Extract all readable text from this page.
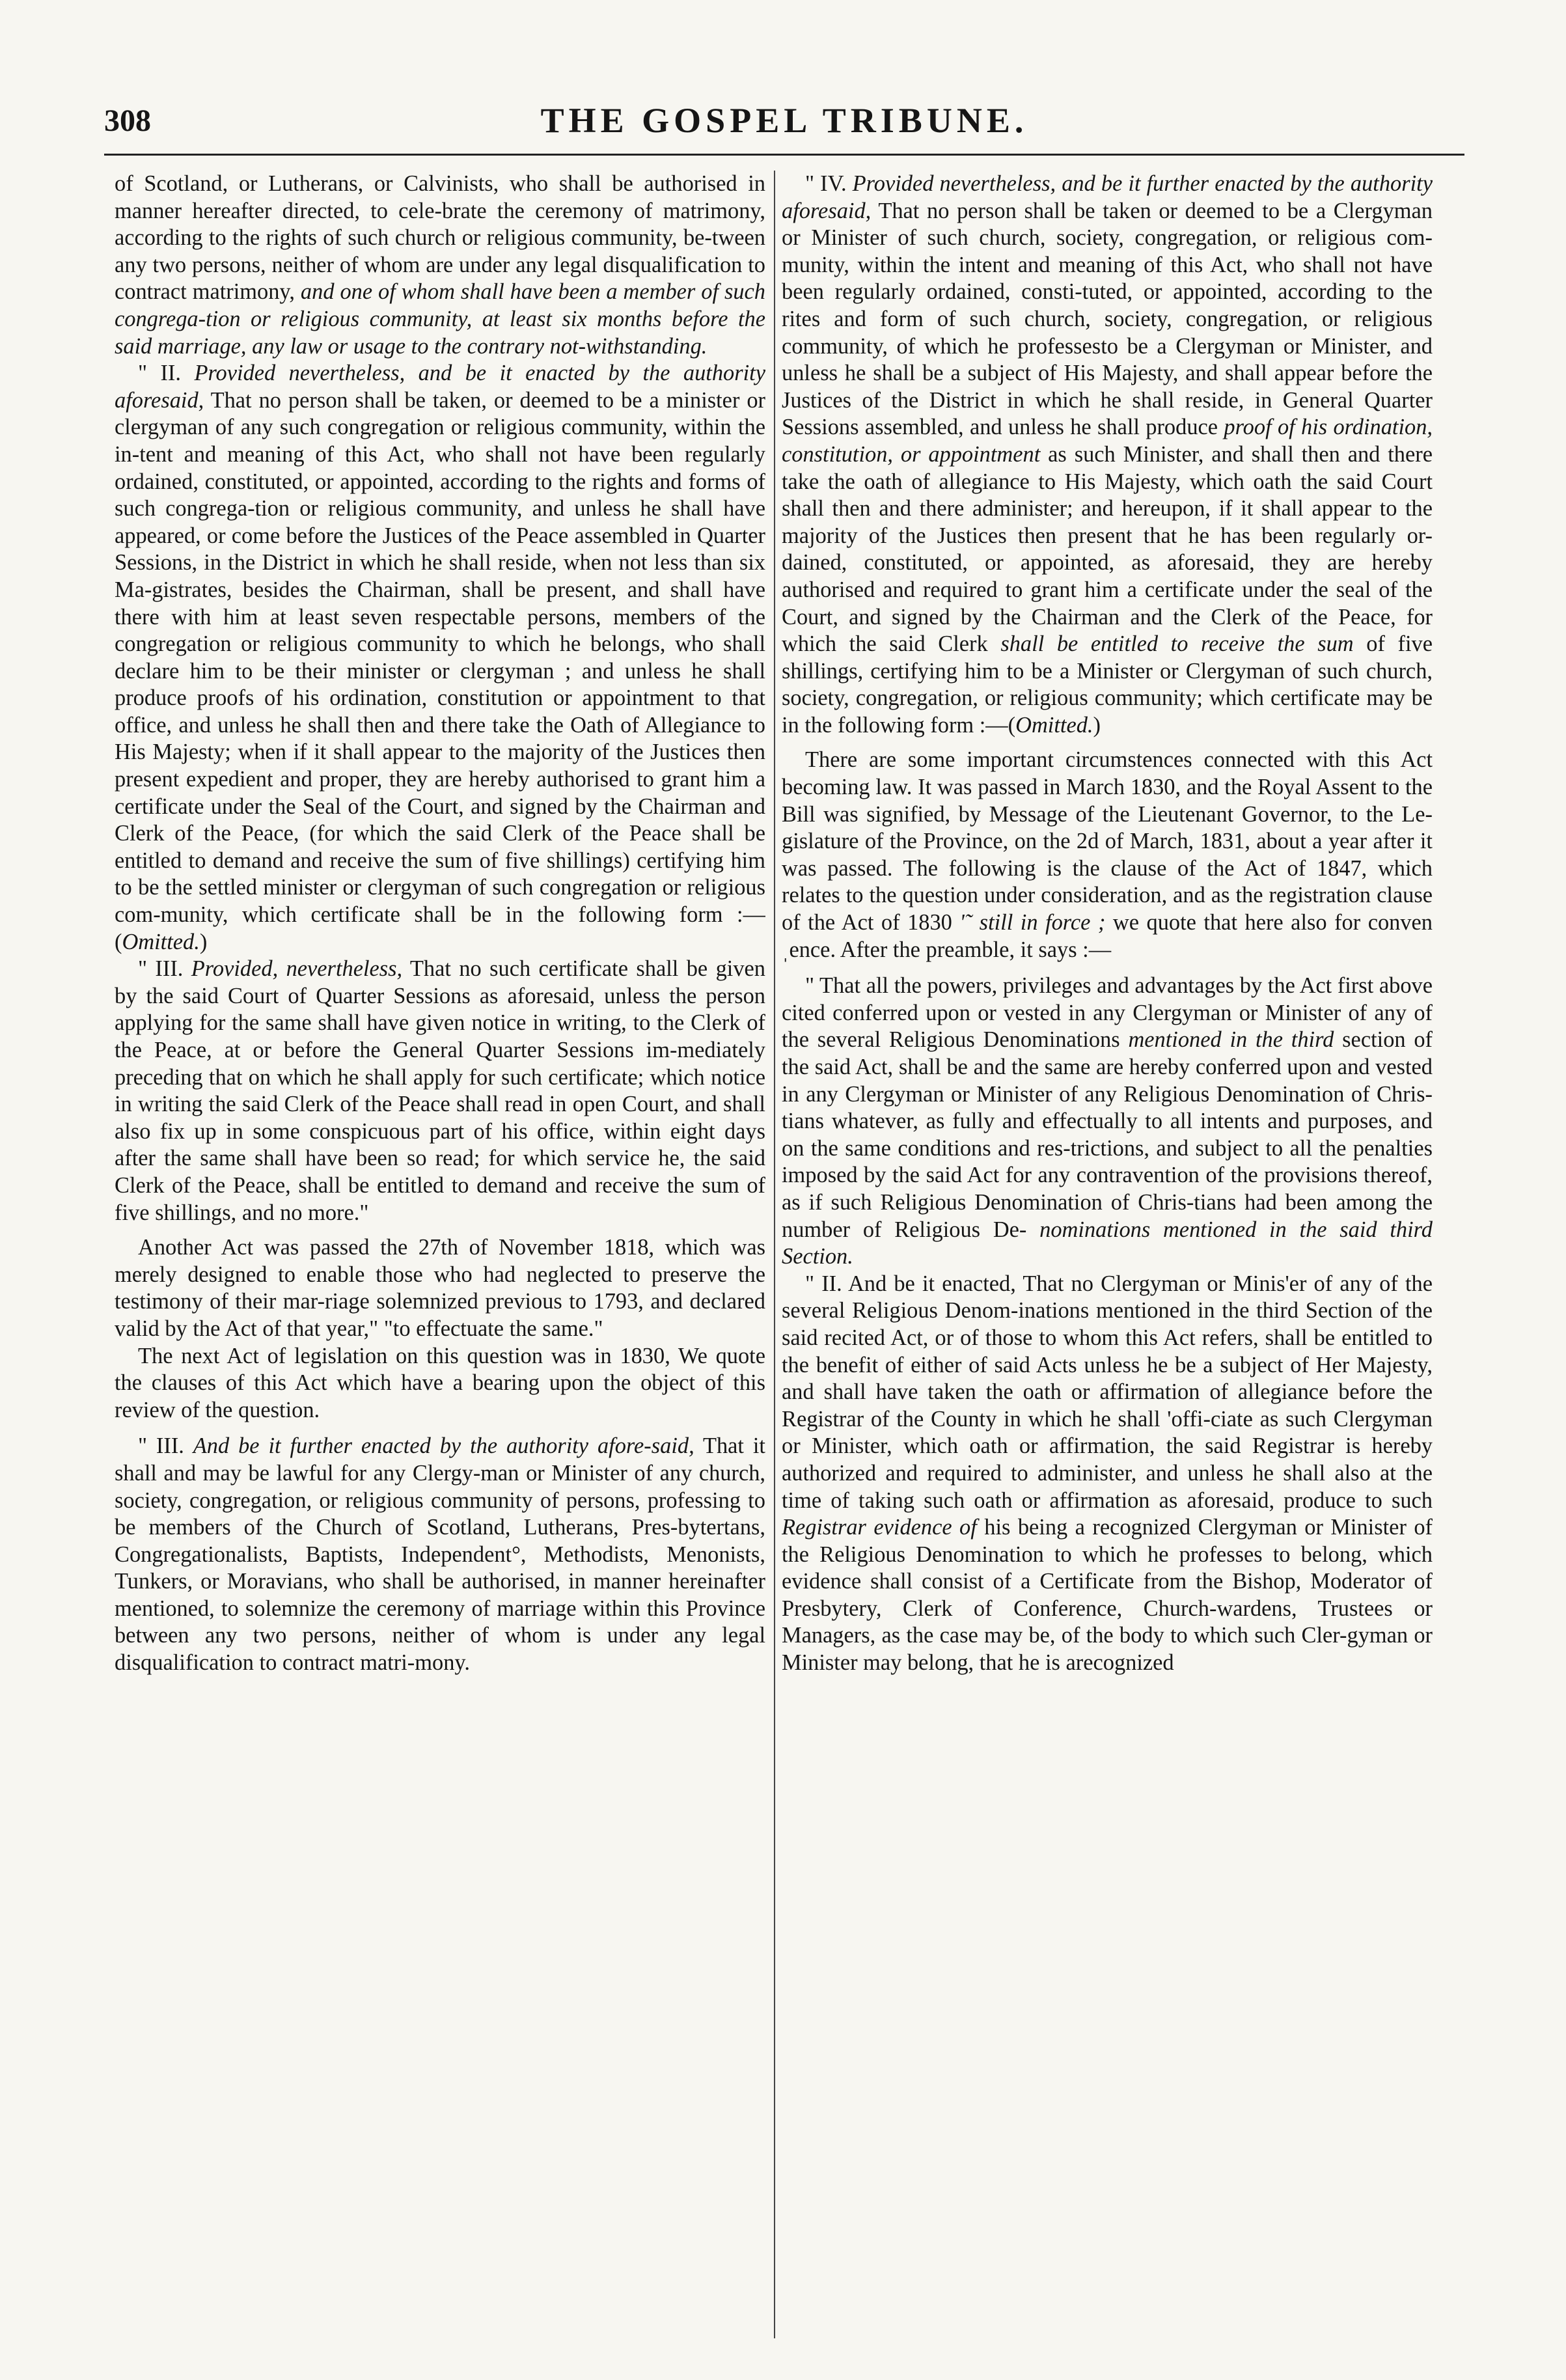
308	THE GOSPEL TRIBUNE.

of Scotland, or Lutherans, or Calvinists, who shall be authorised in manner hereafter directed, to cele-brate the ceremony of matrimony, according to the rights of such church or religious community, be-tween any two persons, neither of whom are under any legal disqualification to contract matrimony, and one of whom shall have been a member of such congrega-tion or religious community, at least six months before the said marriage, any law or usage to the contrary not-withstanding.

" II. Provided nevertheless, and be it enacted by the authority aforesaid, That no person shall be taken, or deemed to be a minister or clergyman of any such congregation or religious community, within the in-tent and meaning of this Act, who shall not have been regularly ordained, constituted, or appointed, according to the rights and forms of such congrega-tion or religious community, and unless he shall have appeared, or come before the Justices of the Peace assembled in Quarter Sessions, in the District in which he shall reside, when not less than six Ma-gistrates, besides the Chairman, shall be present, and shall have there with him at least seven respectable persons, members of the congregation or religious community to which he belongs, who shall declare him to be their minister or clergyman ; and unless he shall produce proofs of his ordination, constitution or appointment to that office, and unless he shall then and there take the Oath of Allegiance to His Majesty; when if it shall appear to the majority of the Justices then present expedient and proper, they are hereby authorised to grant him a certificate under the Seal of the Court, and signed by the Chairman and Clerk of the Peace, (for which the said Clerk of the Peace shall be entitled to demand and receive the sum of five shillings) certifying him to be the settled minister or clergyman of such congregation or religious com-munity, which certificate shall be in the following form :—(Omitted.)

" III. Provided, nevertheless, That no such certificate shall be given by the said Court of Quarter Sessions as aforesaid, unless the person applying for the same shall have given notice in writing, to the Clerk of the Peace, at or before the General Quarter Sessions im-mediately preceding that on which he shall apply for such certificate; which notice in writing the said Clerk of the Peace shall read in open Court, and shall also fix up in some conspicuous part of his office, within eight days after the same shall have been so read; for which service he, the said Clerk of the Peace, shall be entitled to demand and receive the sum of five shillings, and no more."

Another Act was passed the 27th of November 1818, which was merely designed to enable those who had neglected to preserve the testimony of their mar-riage solemnized previous to 1793, and declared valid by the Act of that year," "to effectuate the same."

The next Act of legislation on this question was in 1830, We quote the clauses of this Act which have a bearing upon the object of this review of the question.

" III. And be it further enacted by the authority afore-said, That it shall and may be lawful for any Clergy-man or Minister of any church, society, congregation, or religious community of persons, professing to be members of the Church of Scotland, Lutherans, Pres-bytertans, Congregationalists, Baptists, Independent°, Methodists, Menonists, Tunkers, or Moravians, who shall be authorised, in manner hereinafter mentioned, to solemnize the ceremony of marriage within this Province between any two persons, neither of whom is under any legal disqualification to contract matri-mony.

" IV. Provided nevertheless, and be it further enacted by the authority aforesaid, That no person shall be taken or deemed to be a Clergyman or Minister of such church, society, congregation, or religious com-munity, within the intent and meaning of this Act, who shall not have been regularly ordained, consti-tuted, or appointed, according to the rites and form of such church, society, congregation, or religious community, of which he professesto be a Clergyman or Minister, and unless he shall be a subject of His Majesty, and shall appear before the Justices of the District in which he shall reside, in General Quarter Sessions assembled, and unless he shall produce proof of his ordination, constitution, or appointment as such Minister, and shall then and there take the oath of allegiance to His Majesty, which oath the said Court shall then and there administer; and hereupon, if it shall appear to the majority of the Justices then present that he has been regularly or-dained, constituted, or appointed, as aforesaid, they are hereby authorised and required to grant him a certificate under the seal of the Court, and signed by the Chairman and the Clerk of the Peace, for which the said Clerk shall be entitled to receive the sum of five shillings, certifying him to be a Minister or Clergyman of such church, society, congregation, or religious community; which certificate may be in the following form :—(Omitted.)

There are some important circumstences connected with this Act becoming law. It was passed in March 1830, and the Royal Assent to the Bill was signified, by Message of the Lieutenant Governor, to the Le-gislature of the Province, on the 2d of March, 1831, about a year after it was passed. The following is the clause of the Act of 1847, which relates to the question under consideration, and as the registration clause of the Act of 1830 '˜ still in force ; we quote that here also for convenˌence. After the preamble, it says :—

" That all the powers, privileges and advantages by the Act first above cited conferred upon or vested in any Clergyman or Minister of any of the several Religious Denominations mentioned in the third section of the said Act, shall be and the same are hereby conferred upon and vested in any Clergyman or Minister of any Religious Denomination of Chris-tians whatever, as fully and effectually to all intents and purposes, and on the same conditions and res-trictions, and subject to all the penalties imposed by the said Act for any contravention of the provisions thereof, as if such Religious Denomination of Chris-tians had been among the number of Religious De- nominations mentioned in the said third Section.

" II. And be it enacted, That no Clergyman or Minis'er of any of the several Religious Denom-inations mentioned in the third Section of the said recited Act, or of those to whom this Act refers, shall be entitled to the benefit of either of said Acts unless he be a subject of Her Majesty, and shall have taken the oath or affirmation of allegiance before the Registrar of the County in which he shall 'offi-ciate as such Clergyman or Minister, which oath or affirmation, the said Registrar is hereby authorized and required to administer, and unless he shall also at the time of taking such oath or affirmation as aforesaid, produce to such Registrar evidence of his being a recognized Clergyman or Minister of the Religious Denomination to which he professes to belong, which evidence shall consist of a Certificate from the Bishop, Moderator of Presbytery, Clerk of Conference, Church-wardens, Trustees or Managers, as the case may be, of the body to which such Cler-gyman or Minister may belong, that he is arecognized
